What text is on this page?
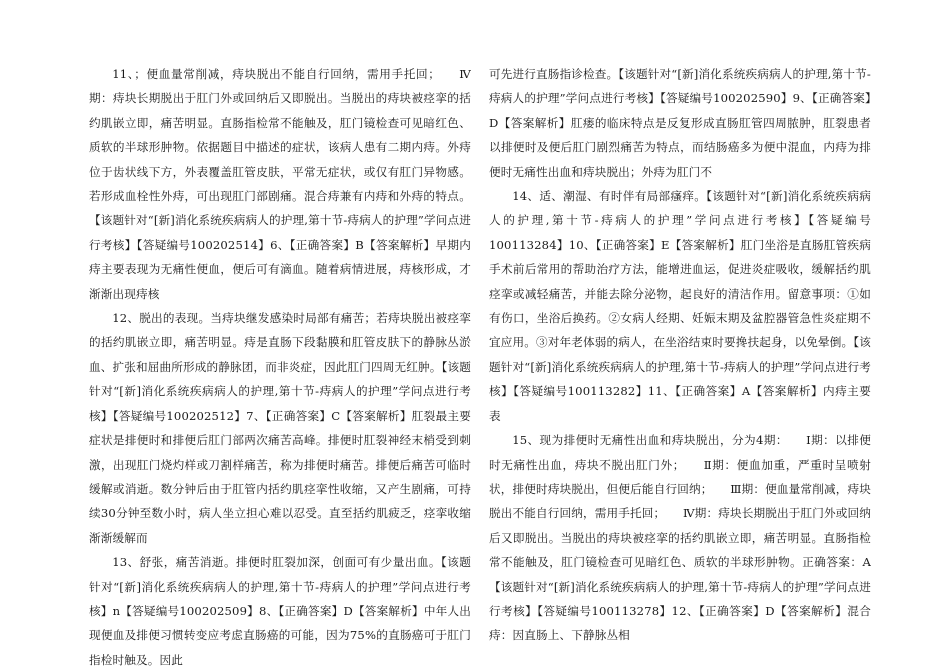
11、；便血量常削减，痔块脱出不能自行回纳，需用手托回；　　Ⅳ期：痔块长期脱出于肛门外或回纳后又即脱出。当脱出的痔块被痉挛的括约肌嵌立即，痛苦明显。直肠指检常不能触及，肛门镜检查可见暗红色、质软的半球形肿物。依据题目中描述的症状，该病人患有二期内痔。外痔位于齿状线下方，外表覆盖肛管皮肤，平常无症状，或仅有肛门异物感。若形成血栓性外痔，可出现肛门部剧痛。混合痔兼有内痔和外痔的特点。【该题针对“[新]消化系统疾病病人的护理,第十节-痔病人的护理”学问点进行考核】【答疑编号100202514】6、【正确答案】B【答案解析】早期内痔主要表现为无痛性便血，便后可有滴血。随着病情进展，痔核形成，才渐渐出现痔核

12、脱出的表现。当痔块继发感染时局部有痛苦；若痔块脱出被痉挛的括约肌嵌立即，痛苦明显。痔是直肠下段黏膜和肛管皮肤下的静脉丛淤血、扩张和屈曲所形成的静脉团，而非炎症，因此肛门四周无红肿。【该题针对“[新]消化系统疾病病人的护理,第十节-痔病人的护理”学问点进行考核】【答疑编号100202512】7、【正确答案】C【答案解析】肛裂最主要症状是排便时和排便后肛门部两次痛苦高峰。排便时肛裂神经末梢受到刺激，出现肛门烧灼样或刀割样痛苦，称为排便时痛苦。排便后痛苦可临时缓解或消逝。数分钟后由于肛管内括约肌痉挛性收缩，又产生剧痛，可持续30分钟至数小时，病人坐立担心难以忍受。直至括约肌疲乏，痉挛收缩渐渐缓解而

13、舒张，痛苦消逝。排便时肛裂加深，创面可有少量出血。【该题针对“[新]消化系统疾病病人的护理,第十节-痔病人的护理”学问点进行考核】n【答疑编号100202509】8、【正确答案】D【答案解析】中年人出现便血及排便习惯转变应考虑直肠癌的可能，因为75%的直肠癌可于肛门指检时触及。因此

可先进行直肠指诊检查。【该题针对“[新]消化系统疾病病人的护理,第十节-痔病人的护理”学问点进行考核】【答疑编号100202590】9、【正确答案】D【答案解析】肛瘘的临床特点是反复形成直肠肛管四周脓肿，肛裂患者以排便时及便后肛门剧烈痛苦为特点，而结肠癌多为便中混血，内痔为排便时无痛性出血和痔块脱出；外痔为肛门不

14、适、潮湿、有时伴有局部瘙痒。【该题针对“[新]消化系统疾病病人的护理,第十节-痔病人的护理”学问点进行考核】【答疑编号100113284】10、【正确答案】E【答案解析】肛门坐浴是直肠肛管疾病手术前后常用的帮助治疗方法，能增进血运，促进炎症吸收，缓解括约肌痉挛或减轻痛苦，并能去除分泌物，起良好的清洁作用。留意事项：①如有伤口，坐浴后换药。②女病人经期、妊娠末期及盆腔器管急性炎症期不宜应用。③对年老体弱的病人，在坐浴结束时要搀扶起身，以免晕倒。【该题针对“[新]消化系统疾病病人的护理,第十节-痔病人的护理”学问点进行考核】【答疑编号100113282】11、【正确答案】A【答案解析】内痔主要表

15、现为排便时无痛性出血和痔块脱出，分为4期：　　Ⅰ期：以排便时无痛性出血，痔块不脱出肛门外；　　Ⅱ期：便血加重，严重时呈喷射状，排便时痔块脱出，但便后能自行回纳；　　Ⅲ期：便血量常削减，痔块脱出不能自行回纳，需用手托回；　　Ⅳ期：痔块长期脱出于肛门外或回纳后又即脱出。当脱出的痔块被痉挛的括约肌嵌立即，痛苦明显。直肠指检常不能触及，肛门镜检查可见暗红色、质软的半球形肿物。正确答案：A【该题针对“[新]消化系统疾病病人的护理,第十节-痔病人的护理”学问点进行考核】【答疑编号100113278】12、【正确答案】D【答案解析】混合痔：因直肠上、下静脉丛相
